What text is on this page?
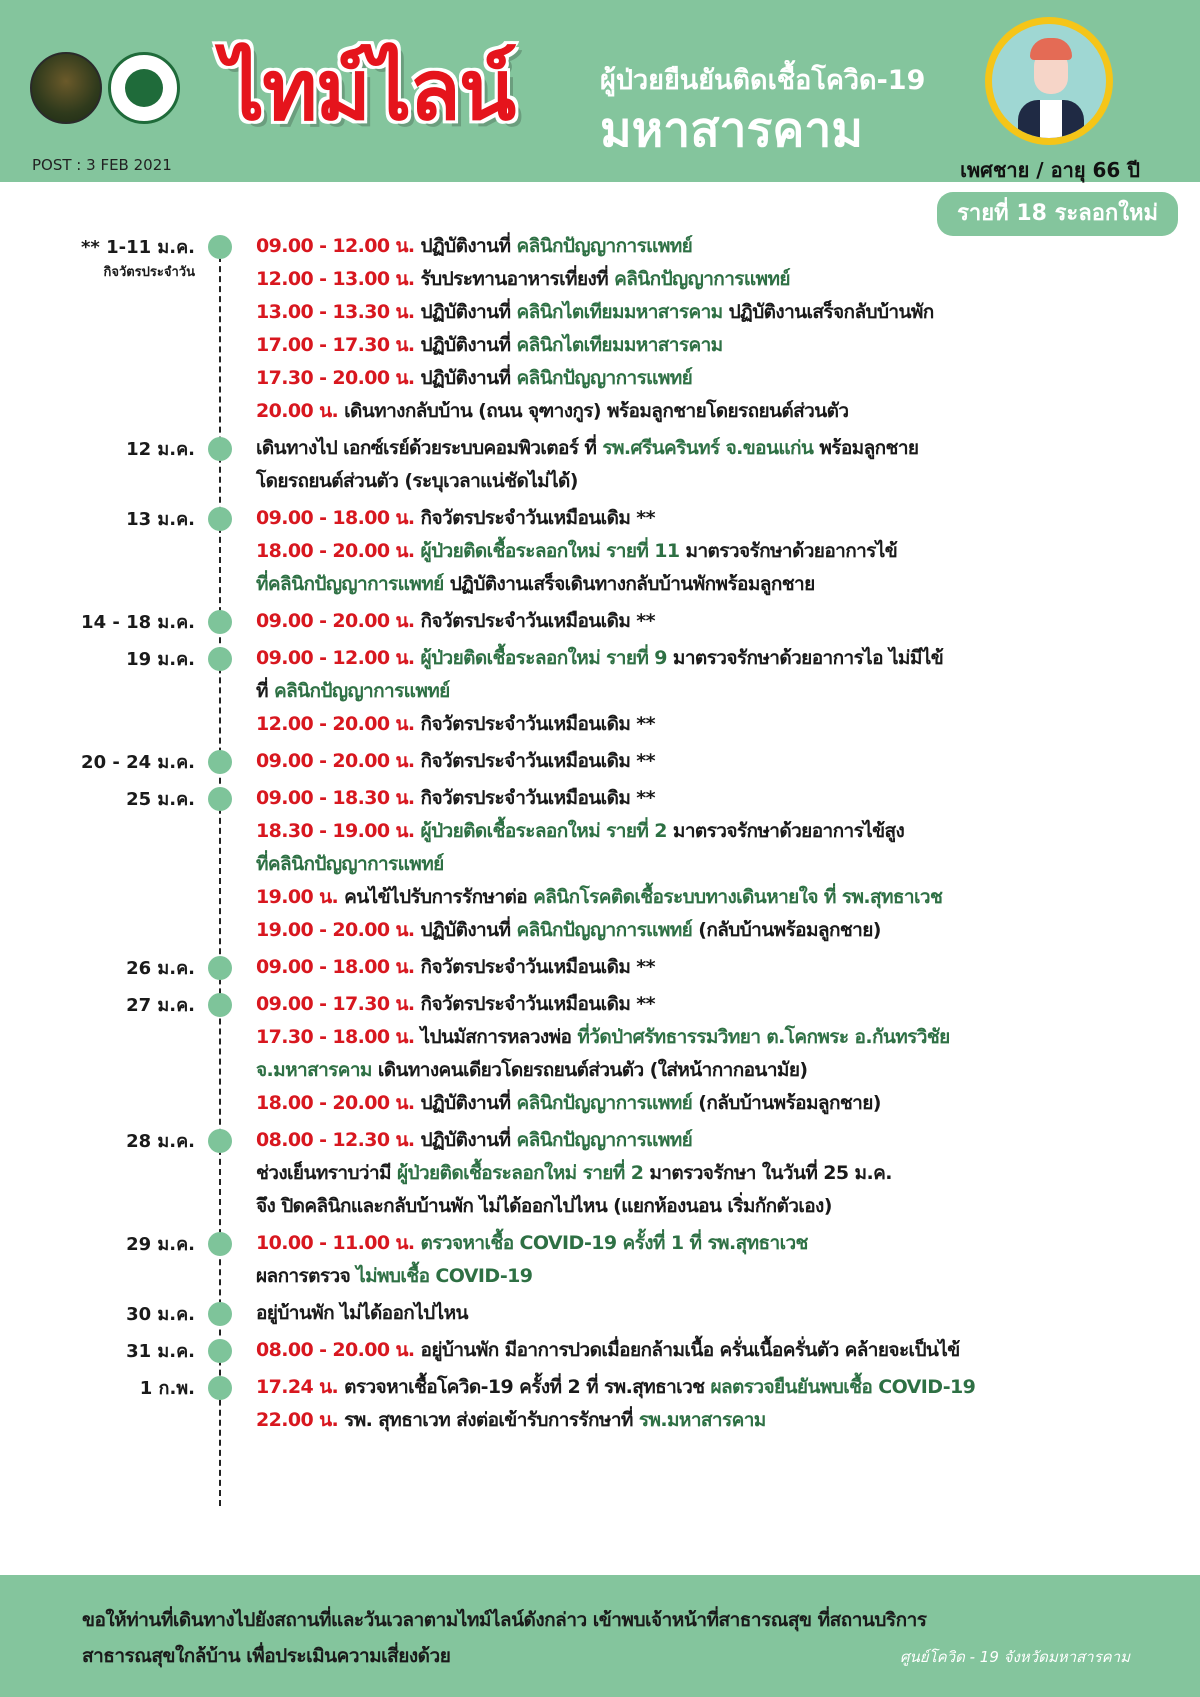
POST : 3 FEB 2021
ไทม์ไลน์	ผู้ป่วยยืนยันติดเชื้อโควิด-19
มหาสารคาม
เพศชาย / อายุ 66 ปี
รายที่ 18 ระลอกใหม่
** 1-11 ม.ค.
กิจวัตรประจำวัน
09.00 - 12.00 น. ปฏิบัติงานที่ คลินิกปัญญาการแพทย์
12.00 - 13.00 น. รับประทานอาหารเที่ยงที่ คลินิกปัญญาการแพทย์
13.00 - 13.30 น. ปฏิบัติงานที่ คลินิกไตเทียมมหาสารคาม ปฏิบัติงานเสร็จกลับบ้านพัก
17.00 - 17.30 น. ปฏิบัติงานที่ คลินิกไตเทียมมหาสารคาม
17.30 - 20.00 น. ปฏิบัติงานที่ คลินิกปัญญาการแพทย์
20.00 น. เดินทางกลับบ้าน (ถนน จุฑางกูร) พร้อมลูกชายโดยรถยนต์ส่วนตัว
12 ม.ค.	เดินทางไป เอกซ์เรย์ด้วยระบบคอมพิวเตอร์ ที่ รพ.ศรีนครินทร์ จ.ขอนแก่น พร้อมลูกชาย
โดยรถยนต์ส่วนตัว (ระบุเวลาแน่ชัดไม่ได้)
13 ม.ค.	09.00 - 18.00 น. กิจวัตรประจำวันเหมือนเดิม **
18.00 - 20.00 น. ผู้ป่วยติดเชื้อระลอกใหม่ รายที่ 11 มาตรวจรักษาด้วยอาการไข้
ที่คลินิกปัญญาการแพทย์ ปฏิบัติงานเสร็จเดินทางกลับบ้านพักพร้อมลูกชาย
14 - 18 ม.ค.	09.00 - 20.00 น. กิจวัตรประจำวันเหมือนเดิม **
19 ม.ค.	09.00 - 12.00 น. ผู้ป่วยติดเชื้อระลอกใหม่ รายที่ 9 มาตรวจรักษาด้วยอาการไอ ไม่มีไข้
ที่ คลินิกปัญญาการแพทย์
12.00 - 20.00 น. กิจวัตรประจำวันเหมือนเดิม **
20 - 24 ม.ค.	09.00 - 20.00 น. กิจวัตรประจำวันเหมือนเดิม **
25 ม.ค.	09.00 - 18.30 น. กิจวัตรประจำวันเหมือนเดิม **
18.30 - 19.00 น. ผู้ป่วยติดเชื้อระลอกใหม่ รายที่ 2 มาตรวจรักษาด้วยอาการไข้สูง
ที่คลินิกปัญญาการแพทย์
19.00 น. คนไข้ไปรับการรักษาต่อ คลินิกโรคติดเชื้อระบบทางเดินหายใจ ที่ รพ.สุทธาเวช
19.00 - 20.00 น. ปฏิบัติงานที่ คลินิกปัญญาการแพทย์ (กลับบ้านพร้อมลูกชาย)
26 ม.ค.	09.00 - 18.00 น. กิจวัตรประจำวันเหมือนเดิม **
27 ม.ค.	09.00 - 17.30 น. กิจวัตรประจำวันเหมือนเดิม **
17.30 - 18.00 น. ไปนมัสการหลวงพ่อ ที่วัดป่าศรัทธารรมวิทยา ต.โคกพระ อ.กันทรวิชัย
จ.มหาสารคาม เดินทางคนเดียวโดยรถยนต์ส่วนตัว (ใส่หน้ากากอนามัย)
18.00 - 20.00 น. ปฏิบัติงานที่ คลินิกปัญญาการแพทย์ (กลับบ้านพร้อมลูกชาย)
28 ม.ค.	08.00 - 12.30 น. ปฏิบัติงานที่ คลินิกปัญญาการแพทย์
ช่วงเย็นทราบว่ามี ผู้ป่วยติดเชื้อระลอกใหม่ รายที่ 2 มาตรวจรักษา ในวันที่ 25 ม.ค.
จึง ปิดคลินิกและกลับบ้านพัก ไม่ได้ออกไปไหน (แยกห้องนอน เริ่มกักตัวเอง)
29 ม.ค.	10.00 - 11.00 น. ตรวจหาเชื้อ COVID-19 ครั้งที่ 1 ที่ รพ.สุทธาเวช
ผลการตรวจ ไม่พบเชื้อ COVID-19
30 ม.ค.	อยู่บ้านพัก ไม่ได้ออกไปไหน
31 ม.ค.	08.00 - 20.00 น. อยู่บ้านพัก มีอาการปวดเมื่อยกล้ามเนื้อ ครั่นเนื้อครั่นตัว คล้ายจะเป็นไข้
1 ก.พ.	17.24 น. ตรวจหาเชื้อโควิด-19 ครั้งที่ 2 ที่ รพ.สุทธาเวช ผลตรวจยืนยันพบเชื้อ COVID-19
22.00 น. รพ. สุทธาเวท ส่งต่อเข้ารับการรักษาที่ รพ.มหาสารคาม
ขอให้ท่านที่เดินทางไปยังสถานที่และวันเวลาตามไทม์ไลน์ดังกล่าว เข้าพบเจ้าหน้าที่สาธารณสุข ที่สถานบริการ
สาธารณสุขใกล้บ้าน เพื่อประเมินความเสี่ยงด้วย	ศูนย์โควิด - 19 จังหวัดมหาสารคาม
